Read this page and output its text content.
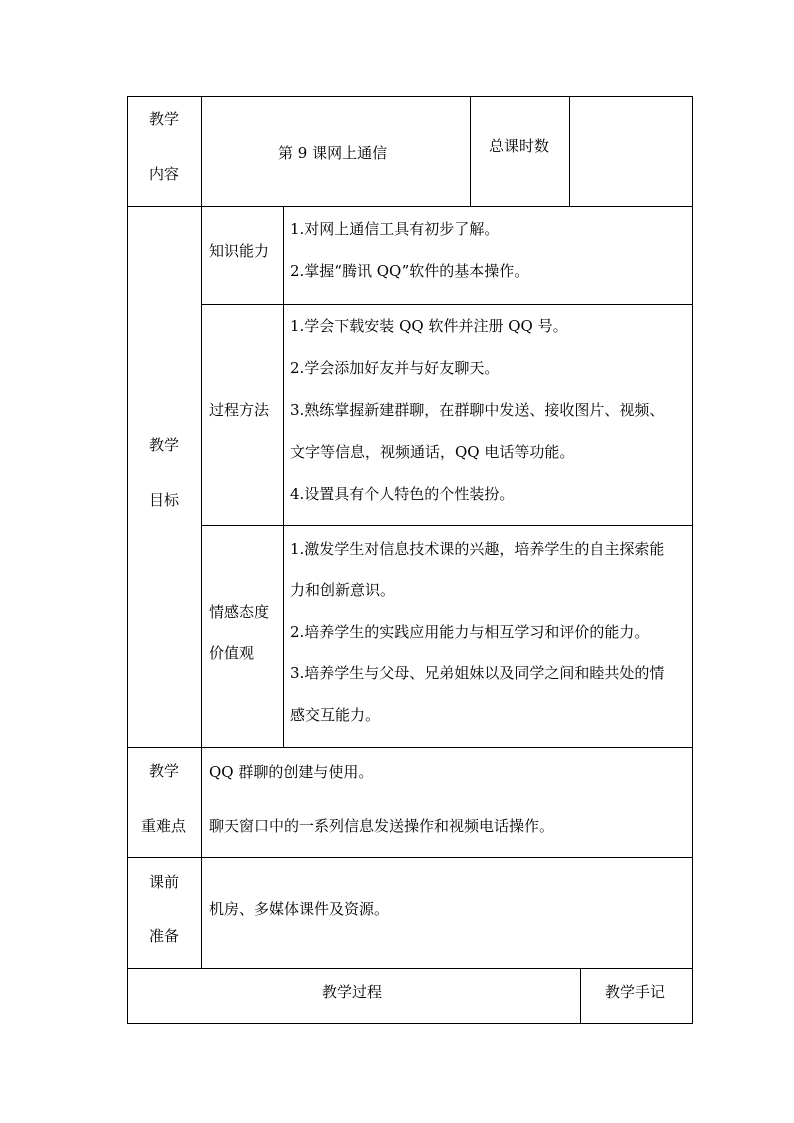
教学
内容
第 9 课网上通信	总课时数
教学
目标
知识能力
1.对网上通信工具有初步了解。
2.掌握“腾讯 QQ”软件的基本操作。
过程方法
1.学会下载安装 QQ 软件并注册 QQ 号。
2.学会添加好友并与好友聊天。
3.熟练掌握新建群聊，在群聊中发送、接收图片、视频、
文字等信息，视频通话，QQ 电话等功能。
4.设置具有个人特色的个性装扮。
情感态度
价值观
1.激发学生对信息技术课的兴趣，培养学生的自主探索能
力和创新意识。
2.培养学生的实践应用能力与相互学习和评价的能力。
3.培养学生与父母、兄弟姐妹以及同学之间和睦共处的情
感交互能力。
教学
重难点
QQ 群聊的创建与使用。
聊天窗口中的一系列信息发送操作和视频电话操作。
课前
准备
机房、多媒体课件及资源。
教学过程	教学手记
